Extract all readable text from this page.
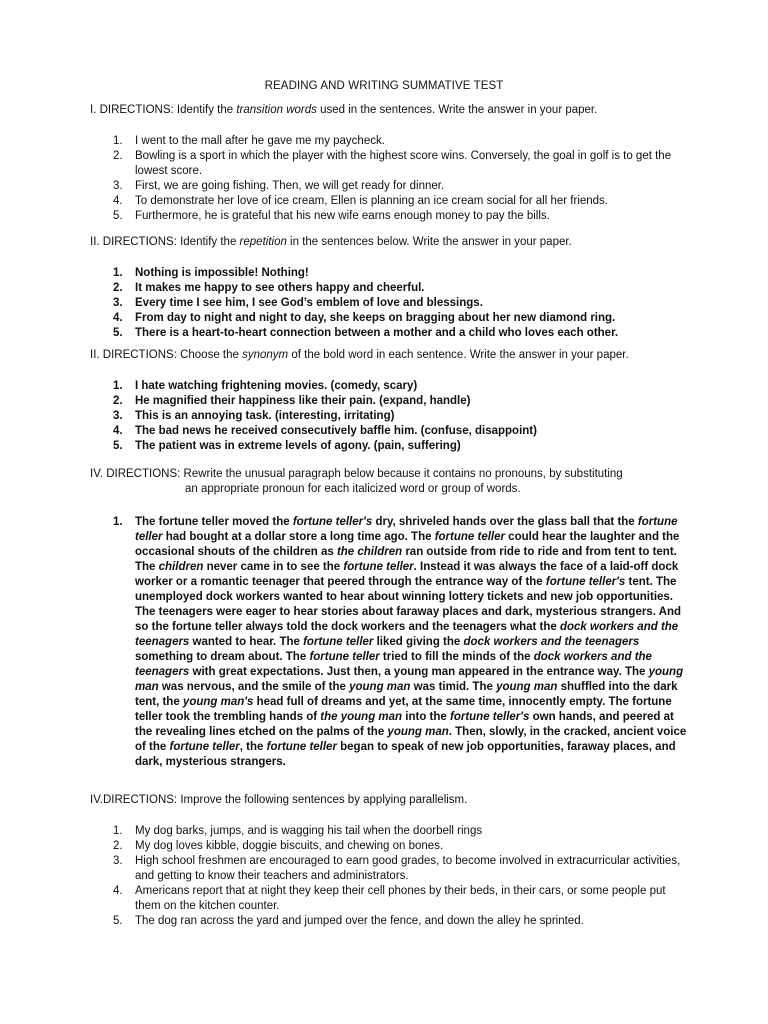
READING AND WRITING SUMMATIVE TEST

I. DIRECTIONS: Identify the transition words used in the sentences. Write the answer in your paper.

1. I went to the mall after he gave me my paycheck.
2. Bowling is a sport in which the player with the highest score wins. Conversely, the goal in golf is to get the lowest score.
3. First, we are going fishing. Then, we will get ready for dinner.
4. To demonstrate her love of ice cream, Ellen is planning an ice cream social for all her friends.
5. Furthermore, he is grateful that his new wife earns enough money to pay the bills.

II. DIRECTIONS: Identify the repetition in the sentences below. Write the answer in your paper.

1. Nothing is impossible! Nothing!
2. It makes me happy to see others happy and cheerful.
3. Every time I see him, I see God’s emblem of love and blessings.
4. From day to night and night to day, she keeps on bragging about her new diamond ring.
5. There is a heart-to-heart connection between a mother and a child who loves each other.

II. DIRECTIONS: Choose the synonym of the bold word in each sentence. Write the answer in your paper.

1. I hate watching frightening movies. (comedy, scary)
2. He magnified their happiness like their pain. (expand, handle)
3. This is an annoying task. (interesting, irritating)
4. The bad news he received consecutively baffle him. (confuse, disappoint)
5. The patient was in extreme levels of agony. (pain, suffering)

IV. DIRECTIONS: Rewrite the unusual paragraph below because it contains no pronouns, by substituting
an appropriate pronoun for each italicized word or group of words.

1. The fortune teller moved the fortune teller's dry, shriveled hands over the glass ball that the fortune teller had bought at a dollar store a long time ago. The fortune teller could hear the laughter and the occasional shouts of the children as the children ran outside from ride to ride and from tent to tent. The children never came in to see the fortune teller. Instead it was always the face of a laid-off dock worker or a romantic teenager that peered through the entrance way of the fortune teller's tent. The unemployed dock workers wanted to hear about winning lottery tickets and new job opportunities. The teenagers were eager to hear stories about faraway places and dark, mysterious strangers. And so the fortune teller always told the dock workers and the teenagers what the dock workers and the teenagers wanted to hear. The fortune teller liked giving the dock workers and the teenagers something to dream about. The fortune teller tried to fill the minds of the dock workers and the teenagers with great expectations. Just then, a young man appeared in the entrance way. The young man was nervous, and the smile of the young man was timid. The young man shuffled into the dark tent, the young man's head full of dreams and yet, at the same time, innocently empty. The fortune teller took the trembling hands of the young man into the fortune teller's own hands, and peered at the revealing lines etched on the palms of the young man. Then, slowly, in the cracked, ancient voice of the fortune teller, the fortune teller began to speak of new job opportunities, faraway places, and dark, mysterious strangers.

IV.DIRECTIONS: Improve the following sentences by applying parallelism.

1. My dog barks, jumps, and is wagging his tail when the doorbell rings
2. My dog loves kibble, doggie biscuits, and chewing on bones.
3. High school freshmen are encouraged to earn good grades, to become involved in extracurricular activities, and getting to know their teachers and administrators.
4. Americans report that at night they keep their cell phones by their beds, in their cars, or some people put them on the kitchen counter.
5. The dog ran across the yard and jumped over the fence, and down the alley he sprinted.
